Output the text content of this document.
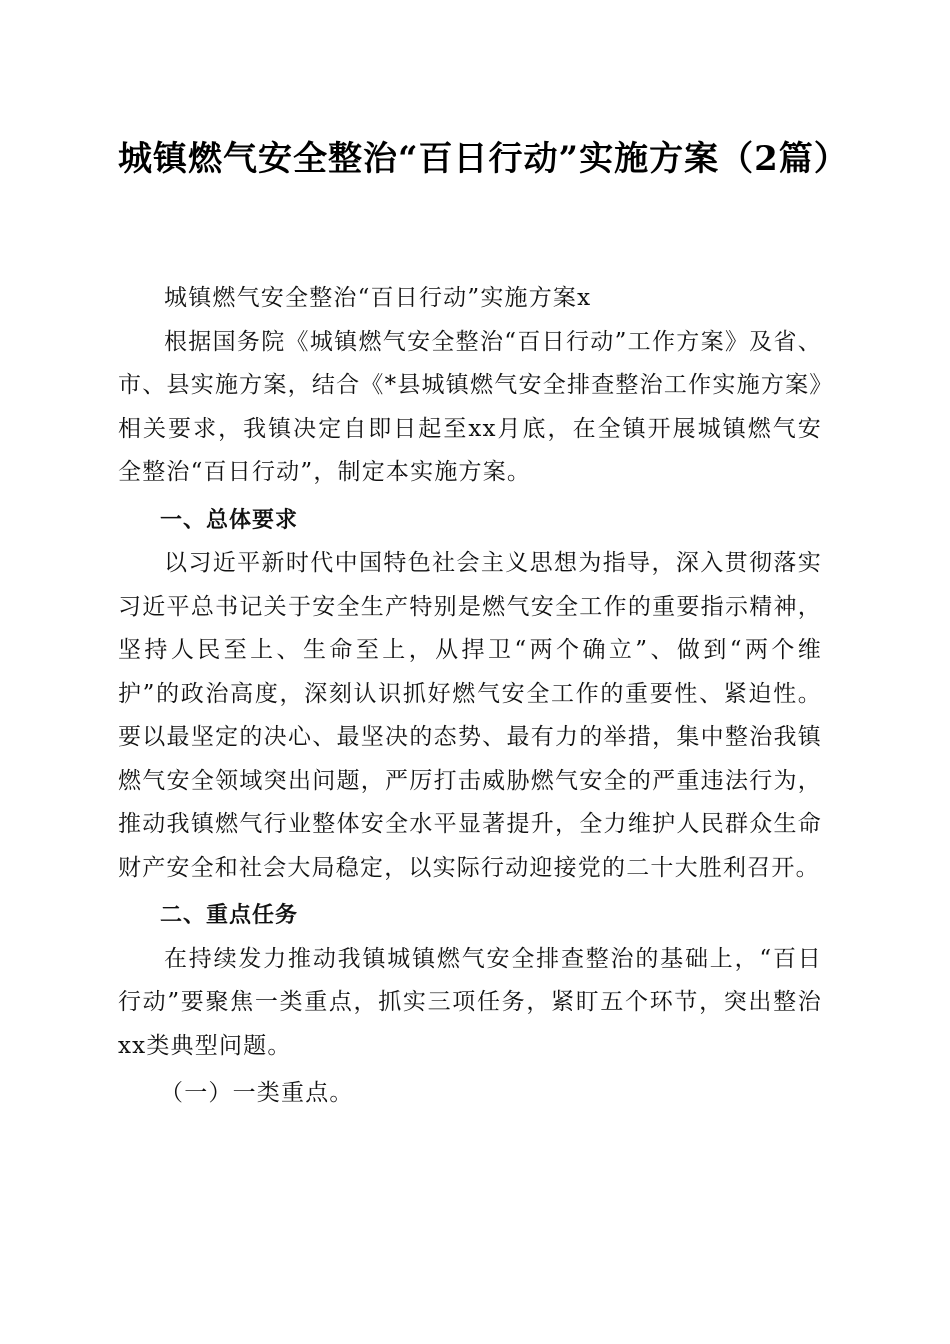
城镇燃气安全整治“百日行动”实施方案（2篇）

城镇燃气安全整治“百日行动”实施方案x

根据国务院《城镇燃气安全整治“百日行动”工作方案》及省、市、县实施方案，结合《*县城镇燃气安全排查整治工作实施方案》相关要求，我镇决定自即日起至xx月底，在全镇开展城镇燃气安全整治“百日行动”，制定本实施方案。

一、总体要求

以习近平新时代中国特色社会主义思想为指导，深入贯彻落实习近平总书记关于安全生产特别是燃气安全工作的重要指示精神，坚持人民至上、生命至上，从捍卫“两个确立”、做到“两个维护”的政治高度，深刻认识抓好燃气安全工作的重要性、紧迫性。要以最坚定的决心、最坚决的态势、最有力的举措，集中整治我镇燃气安全领域突出问题，严厉打击威胁燃气安全的严重违法行为，推动我镇燃气行业整体安全水平显著提升，全力维护人民群众生命财产安全和社会大局稳定，以实际行动迎接党的二十大胜利召开。

二、重点任务

在持续发力推动我镇城镇燃气安全排查整治的基础上，“百日行动”要聚焦一类重点，抓实三项任务，紧盯五个环节，突出整治xx类典型问题。

（一）一类重点。
